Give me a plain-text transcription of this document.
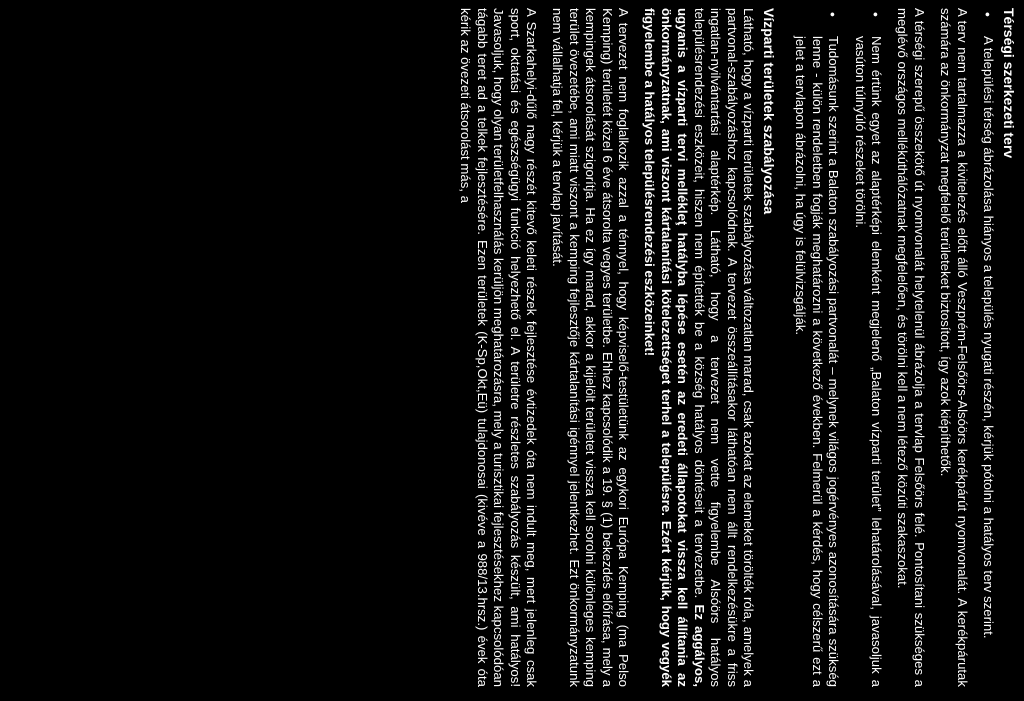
Térségi szerkezeti terv
•
A települési térség ábrázolása hiányos a település nyugati részén, kérjük pótolni a hatályos terv szerint.

A terv nem tartalmazza a kivitelezés előtt álló Veszprém-Felsőörs-Alsóörs kerékpárút nyomvonalát. A kerékpárutak számára az önkormányzat megfelelő területeket biztosított, így azok kiépíthetők.

A térségi szerepű összekötő út nyomvonalát helytelenül ábrázolja a tervlap Felsőörs felé. Pontosítani szükséges a meglévő országos mellékúthálózatnak megfelelően, és törölni kell a nem létező közúti szakaszokat.

•
Nem értünk egyet az alaptérképi elemként megjelenő „Balaton vízparti terület” lehatárolásával, javasoljuk a vasúton túlnyúló részeket törölni.
•
Tudomásunk szerint a Balaton szabályozási partvonalát – melynek világos jogérvényes azonosítására szükség lenne - külön rendeletben fogják meghatározni a következő években. Felmerül a kérdés, hogy célszerű ezt a jelet a tervlapon ábrázolni, ha úgy is felülvizsgálják.
Vízparti területek szabályozása

Látható, hogy a vízparti területek szabályozása változatlan marad, csak azokat az elemeket törölték róla, amelyek a partvonal-szabályozáshoz kapcsolódnak. A tervezet összeállításakor láthatóan nem állt rendelkezésükre a friss ingatlan-nyilvántartási alaptérkép. Látható, hogy a tervezet nem vette figyelembe Alsóörs hatályos településrendezési eszközeit, hiszen nem építették be a község hatályos döntéseit a tervezetbe. Ez aggályos, ugyanis a vízparti tervi mellékleţ hatályba lépése esetén az eredeti állapotokat vissza kell állítania az önkormányzatnak, ami viszont kártalanítási kötelezettséget terhel a településre. Ezért kérjük, hogy vegyék figyelembe a hatályos településrendezési eszközeinket!

A tervezet nem foglalkozik azzal a ténnyel, hogy képviselő-testületünk az egykori Európa Kemping (ma Pelso Kemping) területét közel 6 éve átsorolta vegyes területbe. Ehhez kapcsolódik a 19. § (1) bekezdés előírása, mely a kempingek átsorolását szigorítja. Ha ez így marad, akkor a kijelölt területet vissza kell sorolni különleges kemping terület övezetébe, ami miatt viszont a kemping fejlesztője kártalanítási igénnyel jelentkezhet. Ezt önkormányzatunk nem vállalhatja fel, kérjük a tervlap javítását.

A Szarkahelyi-dűlő nagy részét kitevő keleti részek fejlesztése évtizedek óta nem indult meg, mert jelenleg csak sport, oktatási és egészségügyi funkció helyezhető el. A területre részletes szabályozás készült, ami hatályos! Javasoljuk, hogy olyan területfelhasználás kerüljön meghatározásra, mely a turisztikai fejlesztésekhez kapcsolódóan tágabb teret ad a telkek fejlesztésére. Ezen területek (K-Sp,Okt,Eü) tulajdonosai (kivéve a 988/13.hrsz.) évek óta kérik az övezeti átsorolást más, a
